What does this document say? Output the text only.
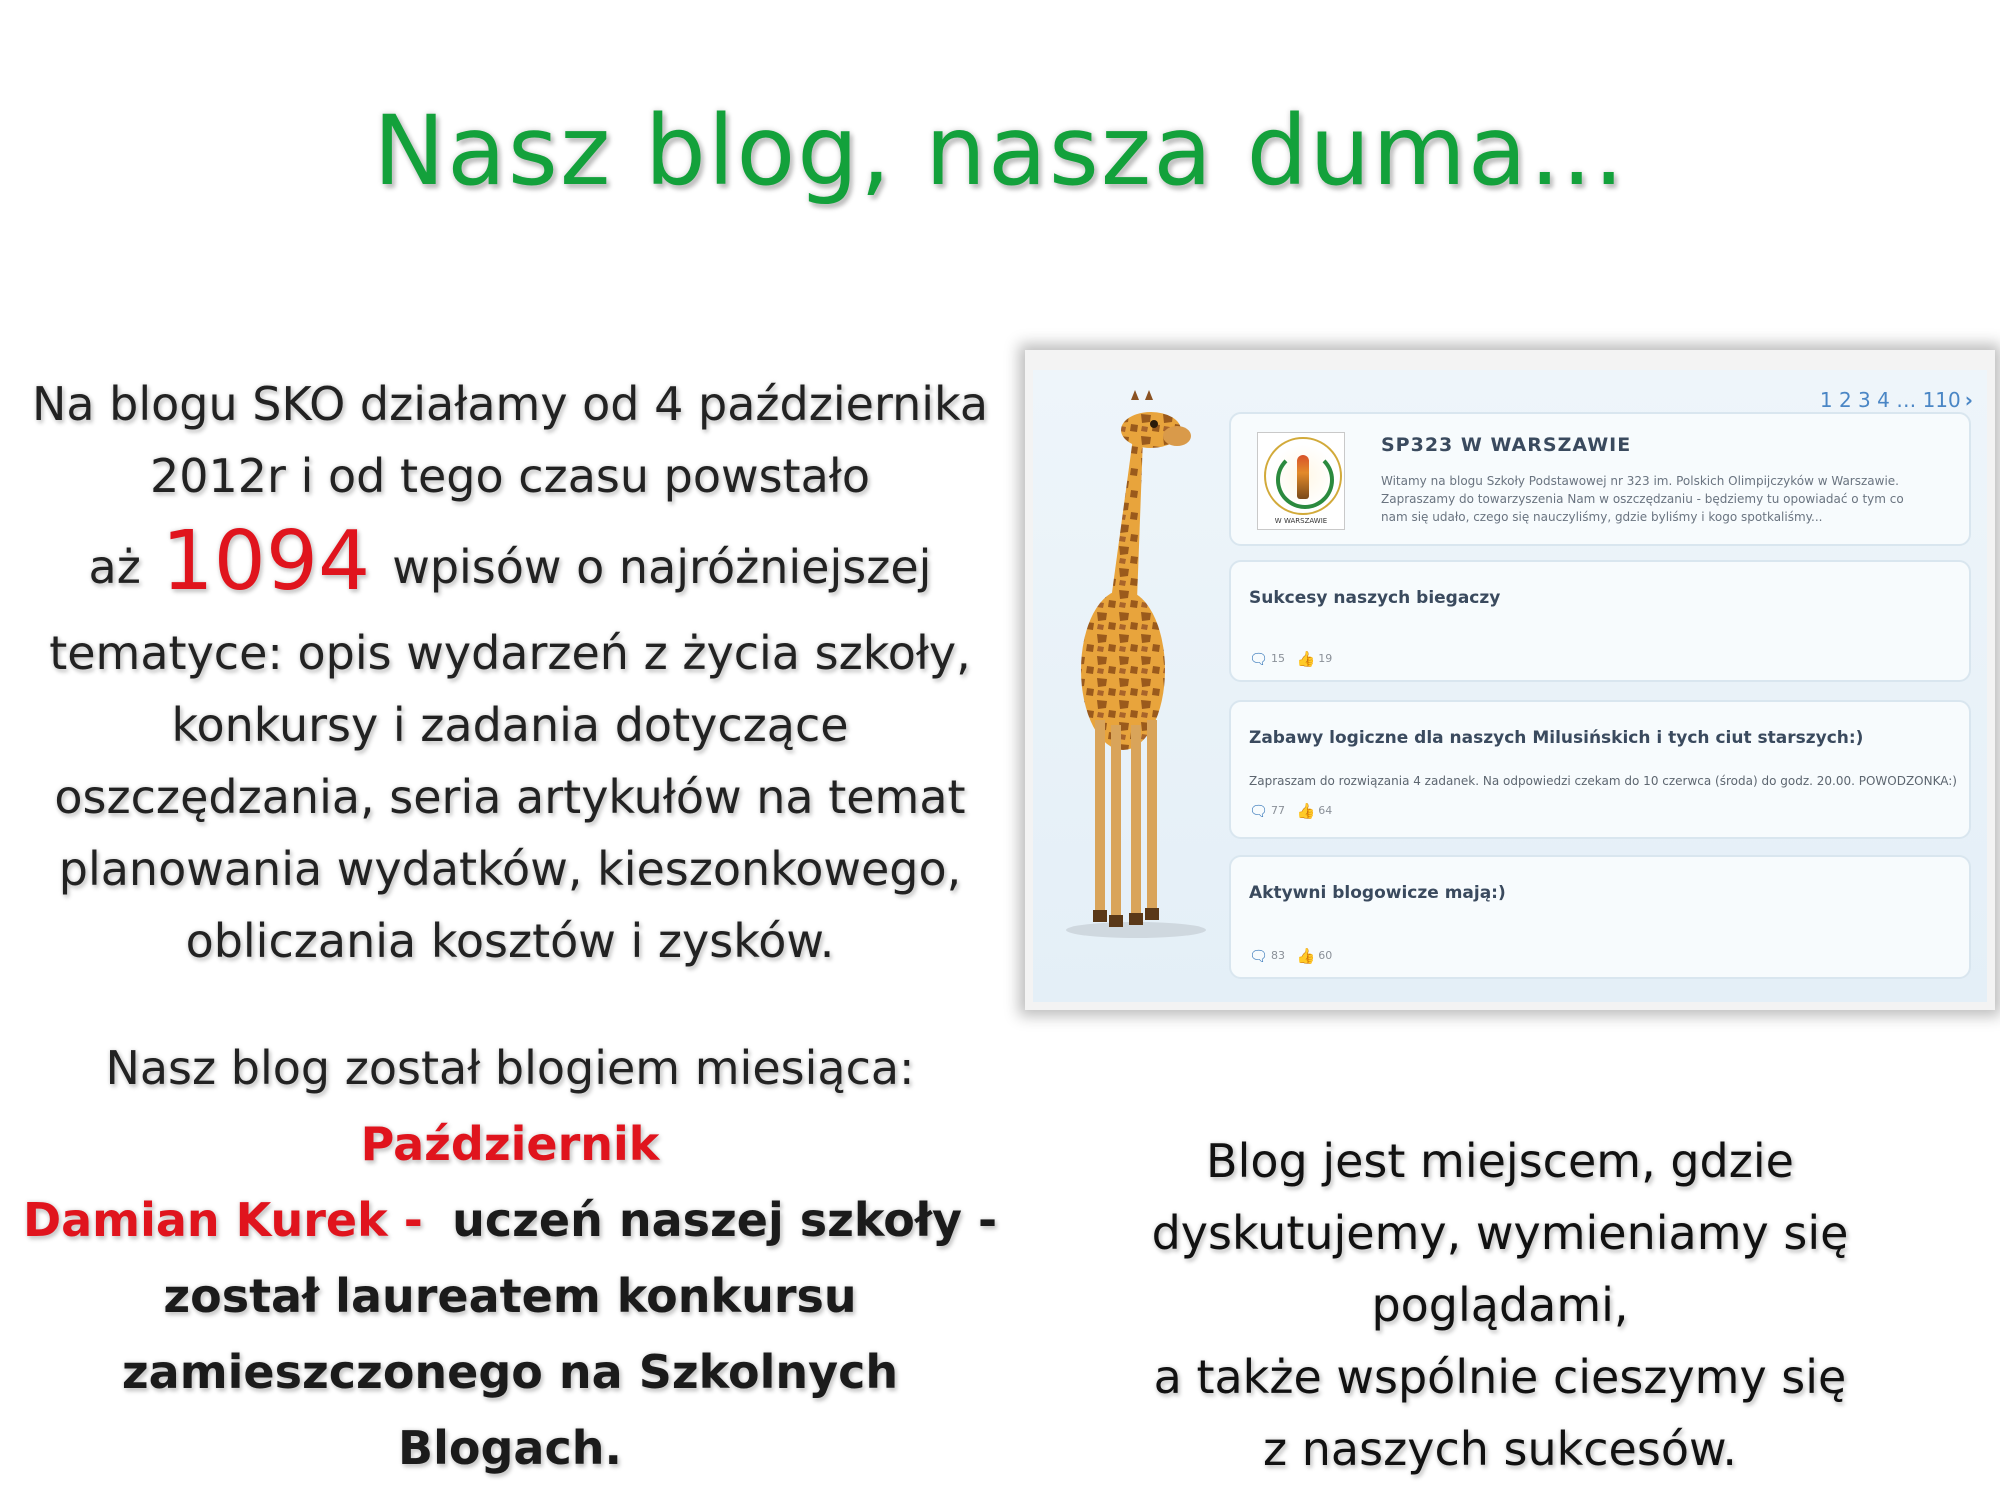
Nasz blog, nasza duma…
Na blogu SKO działamy od 4 października
2012r i od tego czasu powstało
aż 1094 wpisów o najróżniejszej
tematyce: opis wydarzeń z życia szkoły,
konkursy i zadania dotyczące
oszczędzania, seria artykułów na temat
planowania wydatków, kieszonkowego,
obliczania kosztów i zysków.
Nasz blog został blogiem miesiąca:
Październik
Damian Kurek - uczeń naszej szkoły -
został laureatem konkursu
zamieszczonego na Szkolnych Blogach.
Blog jest miejscem, gdzie
dyskutujemy, wymieniamy się poglądami,
a także wspólnie cieszymy się
z naszych sukcesów.
1 2 3 4 … 110 ›
W WARSZAWIE
SP323 W WARSZAWIE
Witamy na blogu Szkoły Podstawowej nr 323 im. Polskich Olimpijczyków w Warszawie.
Zapraszamy do towarzyszenia Nam w oszczędzaniu - będziemy tu opowiadać o tym co
nam się udało, czego się nauczyliśmy, gdzie byliśmy i kogo spotkaliśmy...
Sukcesy naszych biegaczy
🗨 15 👍 19
Zabawy logiczne dla naszych Milusińskich i tych ciut starszych:)
Zapraszam do rozwiązania 4 zadanek. Na odpowiedzi czekam do 10 czerwca (środa) do godz. 20.00. POWODZONKA:)
🗨 77 👍 64
Aktywni blogowicze mają:)
🗨 83 👍 60
